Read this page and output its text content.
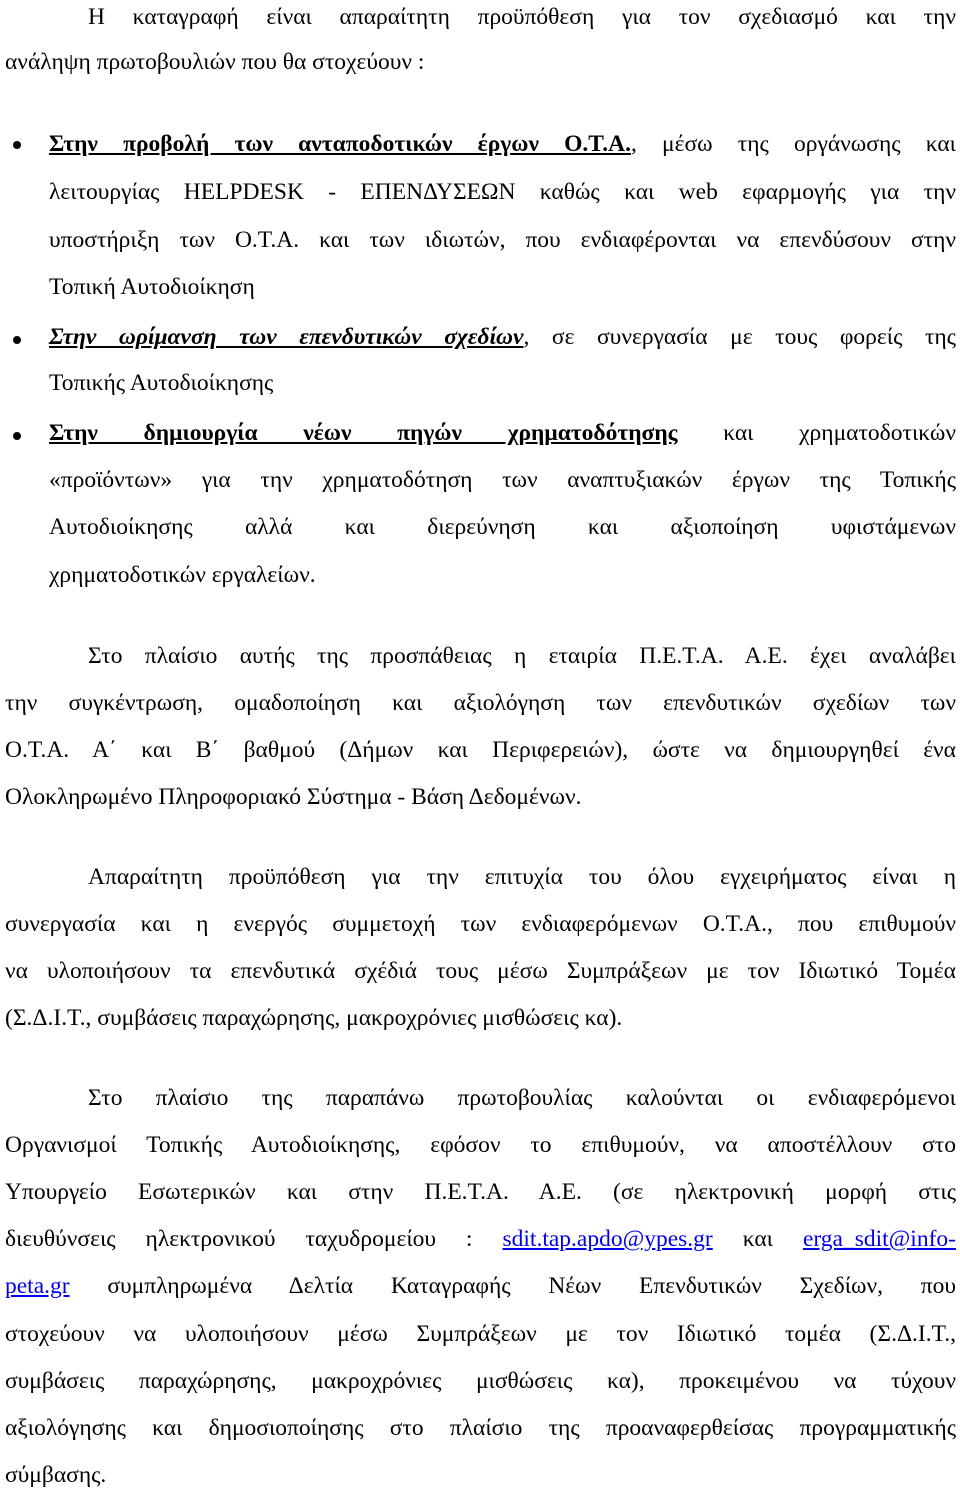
Η καταγραφή είναι απαραίτητη προϋπόθεση για τον σχεδιασμό και την
ανάληψη πρωτοβουλιών που θα στοχεύουν :
Στην προβολή των ανταποδοτικών έργων Ο.Τ.Α., μέσω της οργάνωσης και
λειτουργίας HELPDESK - ΕΠΕΝΔΥΣΕΩΝ καθώς και web εφαρμογής για την
υποστήριξη των Ο.Τ.Α. και των ιδιωτών, που ενδιαφέρονται να επενδύσουν στην
Τοπική Αυτοδιοίκηση
Στην ωρίμανση των επενδυτικών σχεδίων, σε συνεργασία με τους φορείς της
Τοπικής Αυτοδιοίκησης
Στην δημιουργία νέων πηγών χρηματοδότησης και χρηματοδοτικών
«προϊόντων» για την χρηματοδότηση των αναπτυξιακών έργων της Τοπικής
Αυτοδιοίκησης αλλά και διερεύνηση και αξιοποίηση υφιστάμενων
χρηματοδοτικών εργαλείων.
Στο πλαίσιο αυτής της προσπάθειας η εταιρία Π.Ε.Τ.Α. Α.Ε. έχει αναλάβει
την συγκέντρωση, ομαδοποίηση και αξιολόγηση των επενδυτικών σχεδίων των
Ο.Τ.Α. Α΄ και Β΄ βαθμού (Δήμων και Περιφερειών), ώστε να δημιουργηθεί ένα
Ολοκληρωμένο Πληροφοριακό Σύστημα - Βάση Δεδομένων.
Απαραίτητη προϋπόθεση για την επιτυχία του όλου εγχειρήματος είναι η
συνεργασία και η ενεργός συμμετοχή των ενδιαφερόμενων Ο.Τ.Α., που επιθυμούν
να υλοποιήσουν τα επενδυτικά σχέδιά τους μέσω Συμπράξεων με τον Ιδιωτικό Τομέα
(Σ.Δ.Ι.Τ., συμβάσεις παραχώρησης, μακροχρόνιες μισθώσεις κα).
Στο πλαίσιο της παραπάνω πρωτοβουλίας καλούνται οι ενδιαφερόμενοι
Οργανισμοί Τοπικής Αυτοδιοίκησης, εφόσον το επιθυμούν, να αποστέλλουν στο
Υπουργείο Εσωτερικών και στην Π.Ε.Τ.Α. Α.Ε. (σε ηλεκτρονική μορφή στις
διευθύνσεις ηλεκτρονικού ταχυδρομείου : sdit.tap.apdo@ypes.gr και erga_sdit@info-
peta.gr συμπληρωμένα Δελτία Καταγραφής Νέων Επενδυτικών Σχεδίων, που
στοχεύουν να υλοποιήσουν μέσω Συμπράξεων με τον Ιδιωτικό τομέα (Σ.Δ.Ι.Τ.,
συμβάσεις παραχώρησης, μακροχρόνιες μισθώσεις κα), προκειμένου να τύχουν
αξιολόγησης και δημοσιοποίησης στο πλαίσιο της προαναφερθείσας προγραμματικής
σύμβασης.
